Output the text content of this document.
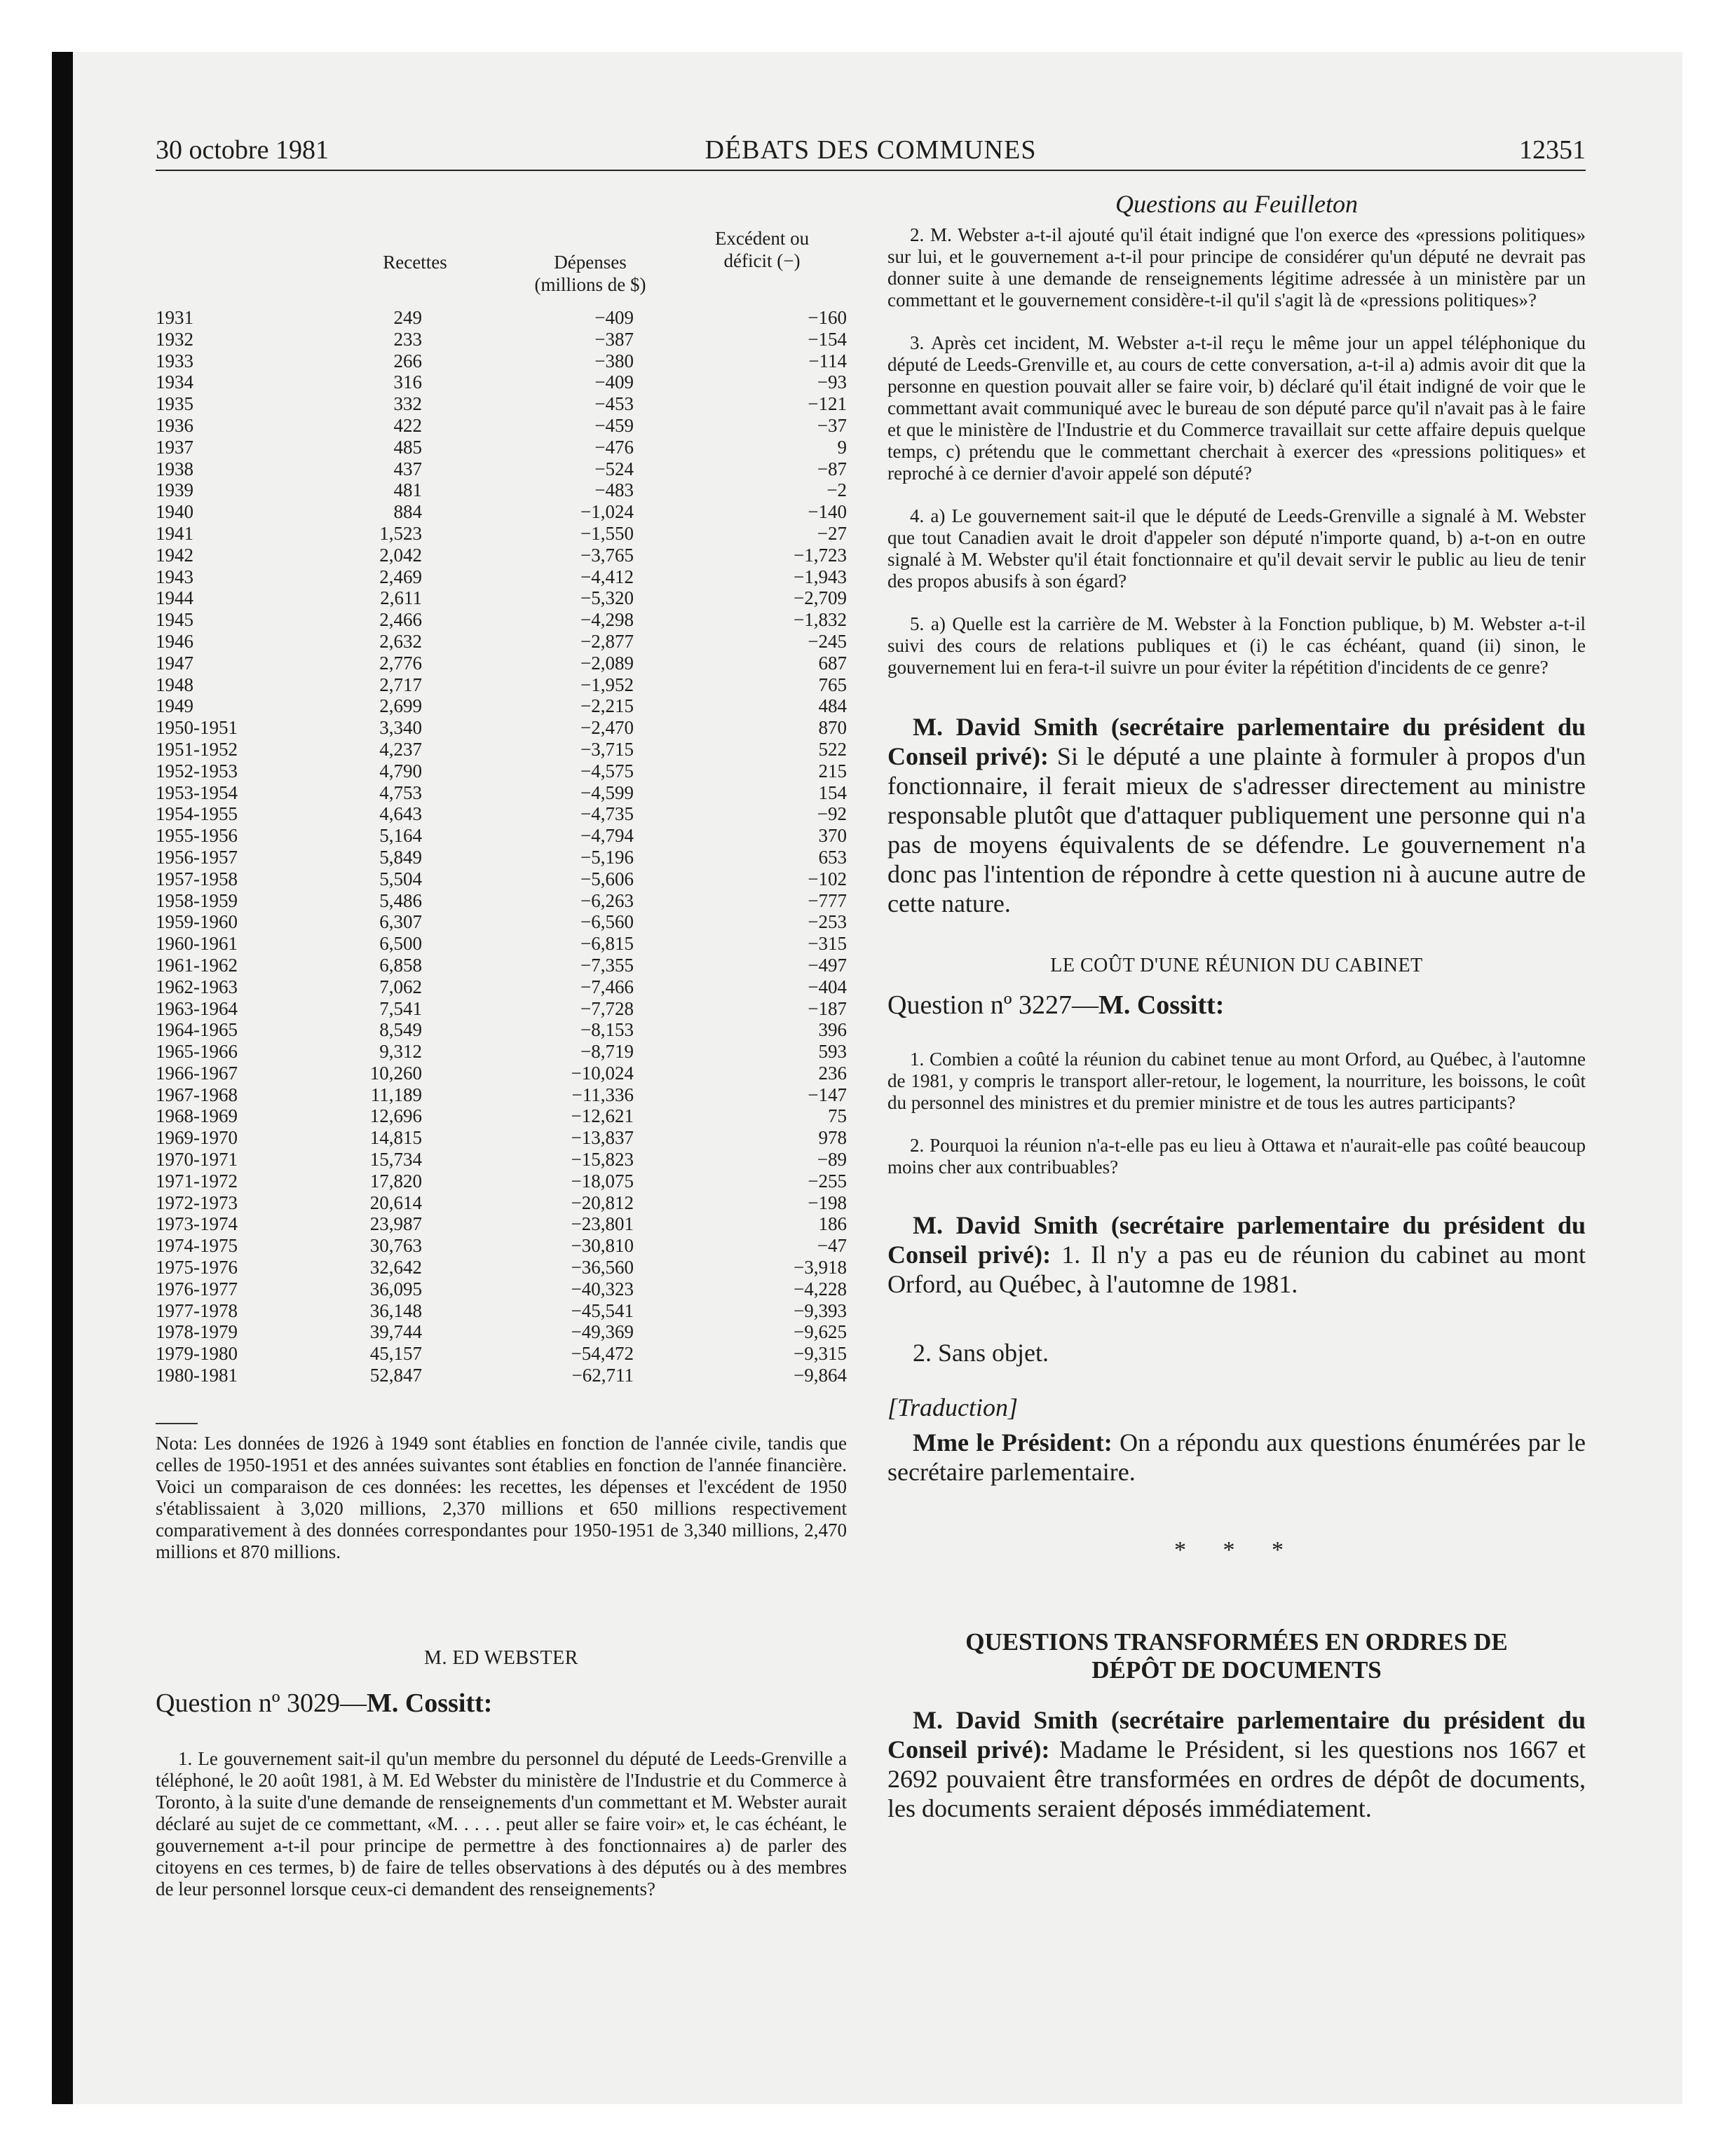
30 octobre 1981	DÉBATS DES COMMUNES	12351
Recettes	Dépenses
(millions de $)
Excédent ou
déficit (−)
1931	249	−409	−160
1932	233	−387	−154
1933	266	−380	−114
1934	316	−409	−93
1935	332	−453	−121
1936	422	−459	−37
1937	485	−476	9
1938	437	−524	−87
1939	481	−483	−2
1940	884	−1,024	−140
1941	1,523	−1,550	−27
1942	2,042	−3,765	−1,723
1943	2,469	−4,412	−1,943
1944	2,611	−5,320	−2,709
1945	2,466	−4,298	−1,832
1946	2,632	−2,877	−245
1947	2,776	−2,089	687
1948	2,717	−1,952	765
1949	2,699	−2,215	484
1950-1951	3,340	−2,470	870
1951-1952	4,237	−3,715	522
1952-1953	4,790	−4,575	215
1953-1954	4,753	−4,599	154
1954-1955	4,643	−4,735	−92
1955-1956	5,164	−4,794	370
1956-1957	5,849	−5,196	653
1957-1958	5,504	−5,606	−102
1958-1959	5,486	−6,263	−777
1959-1960	6,307	−6,560	−253
1960-1961	6,500	−6,815	−315
1961-1962	6,858	−7,355	−497
1962-1963	7,062	−7,466	−404
1963-1964	7,541	−7,728	−187
1964-1965	8,549	−8,153	396
1965-1966	9,312	−8,719	593
1966-1967	10,260	−10,024	236
1967-1968	11,189	−11,336	−147
1968-1969	12,696	−12,621	75
1969-1970	14,815	−13,837	978
1970-1971	15,734	−15,823	−89
1971-1972	17,820	−18,075	−255
1972-1973	20,614	−20,812	−198
1973-1974	23,987	−23,801	186
1974-1975	30,763	−30,810	−47
1975-1976	32,642	−36,560	−3,918
1976-1977	36,095	−40,323	−4,228
1977-1978	36,148	−45,541	−9,393
1978-1979	39,744	−49,369	−9,625
1979-1980	45,157	−54,472	−9,315
1980-1981	52,847	−62,711	−9,864
Nota: Les données de 1926 à 1949 sont établies en fonction de l'année civile, tandis que celles de 1950-1951 et des années suivantes sont établies en fonction de l'année financière. Voici un comparaison de ces données: les recettes, les dépenses et l'excédent de 1950 s'établissaient à 3,020 millions, 2,370 millions et 650 millions respectivement comparativement à des données correspondantes pour 1950-1951 de 3,340 millions, 2,470 millions et 870 millions.
M. ED WEBSTER
Question nº 3029—M. Cossitt:

1. Le gouvernement sait-il qu'un membre du personnel du député de Leeds-Grenville a téléphoné, le 20 août 1981, à M. Ed Webster du ministère de l'Industrie et du Commerce à Toronto, à la suite d'une demande de renseignements d'un commettant et M. Webster aurait déclaré au sujet de ce commettant, «M. . . . . peut aller se faire voir» et, le cas échéant, le gouvernement a-t-il pour principe de permettre à des fonctionnaires a) de parler des citoyens en ces termes, b) de faire de telles observations à des députés ou à des membres de leur personnel lorsque ceux-ci demandent des renseignements?

Questions au Feuilleton

2. M. Webster a-t-il ajouté qu'il était indigné que l'on exerce des «pressions politiques» sur lui, et le gouvernement a-t-il pour principe de considérer qu'un député ne devrait pas donner suite à une demande de renseignements légitime adressée à un ministère par un commettant et le gouvernement considère-t-il qu'il s'agit là de «pressions politiques»?

3. Après cet incident, M. Webster a-t-il reçu le même jour un appel téléphonique du député de Leeds-Grenville et, au cours de cette conversation, a-t-il a) admis avoir dit que la personne en question pouvait aller se faire voir, b) déclaré qu'il était indigné de voir que le commettant avait communiqué avec le bureau de son député parce qu'il n'avait pas à le faire et que le ministère de l'Industrie et du Commerce travaillait sur cette affaire depuis quelque temps, c) prétendu que le commettant cherchait à exercer des «pressions politiques» et reproché à ce dernier d'avoir appelé son député?

4. a) Le gouvernement sait-il que le député de Leeds-Grenville a signalé à M. Webster que tout Canadien avait le droit d'appeler son député n'importe quand, b) a-t-on en outre signalé à M. Webster qu'il était fonctionnaire et qu'il devait servir le public au lieu de tenir des propos abusifs à son égard?

5. a) Quelle est la carrière de M. Webster à la Fonction publique, b) M. Webster a-t-il suivi des cours de relations publiques et (i) le cas échéant, quand (ii) sinon, le gouvernement lui en fera-t-il suivre un pour éviter la répétition d'incidents de ce genre?

M. David Smith (secrétaire parlementaire du président du Conseil privé): Si le député a une plainte à formuler à propos d'un fonctionnaire, il ferait mieux de s'adresser directement au ministre responsable plutôt que d'attaquer publiquement une personne qui n'a pas de moyens équivalents de se défendre. Le gouvernement n'a donc pas l'intention de répondre à cette question ni à aucune autre de cette nature.

LE COÛT D'UNE RÉUNION DU CABINET
Question nº 3227—M. Cossitt:

1. Combien a coûté la réunion du cabinet tenue au mont Orford, au Québec, à l'automne de 1981, y compris le transport aller-retour, le logement, la nourriture, les boissons, le coût du personnel des ministres et du premier ministre et de tous les autres participants?

2. Pourquoi la réunion n'a-t-elle pas eu lieu à Ottawa et n'aurait-elle pas coûté beaucoup moins cher aux contribuables?

M. David Smith (secrétaire parlementaire du président du Conseil privé): 1. Il n'y a pas eu de réunion du cabinet au mont Orford, au Québec, à l'automne de 1981.

2. Sans objet.

[Traduction]

Mme le Président: On a répondu aux questions énumérées par le secrétaire parlementaire.

* * *
QUESTIONS TRANSFORMÉES EN ORDRES DE DÉPÔT DE DOCUMENTS

M. David Smith (secrétaire parlementaire du président du Conseil privé): Madame le Président, si les questions nos 1667 et 2692 pouvaient être transformées en ordres de dépôt de documents, les documents seraient déposés immédiatement.
